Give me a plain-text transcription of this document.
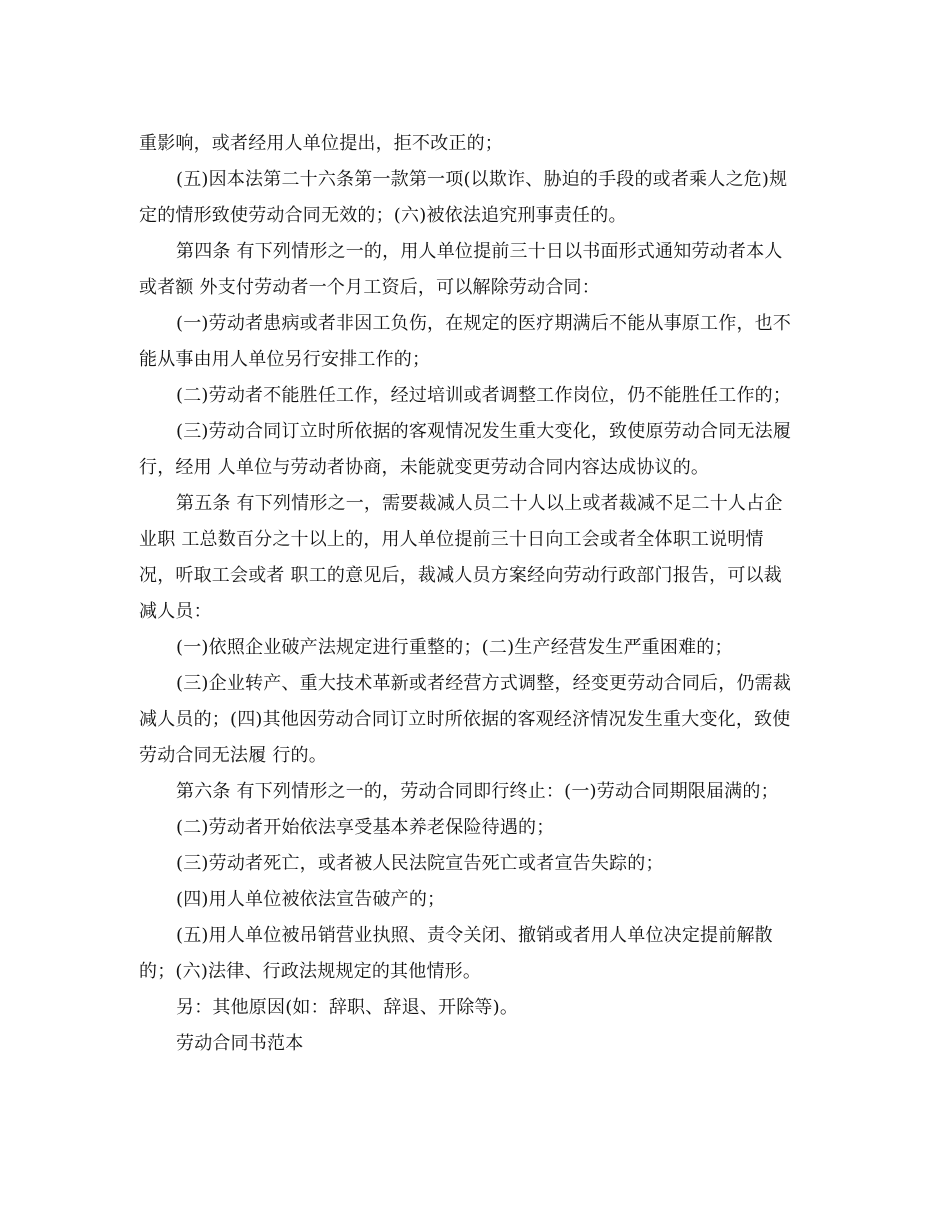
重影响，或者经用人单位提出，拒不改正的；
(五)因本法第二十六条第一款第一项(以欺诈、胁迫的手段的或者乘人之危)规
定的情形致使劳动合同无效的；(六)被依法追究刑事责任的。
第四条 有下列情形之一的，用人单位提前三十日以书面形式通知劳动者本人
或者额 外支付劳动者一个月工资后，可以解除劳动合同：
(一)劳动者患病或者非因工负伤，在规定的医疗期满后不能从事原工作，也不
能从事由用人单位另行安排工作的；
(二)劳动者不能胜任工作，经过培训或者调整工作岗位，仍不能胜任工作的；
(三)劳动合同订立时所依据的客观情况发生重大变化，致使原劳动合同无法履
行，经用 人单位与劳动者协商，未能就变更劳动合同内容达成协议的。
第五条 有下列情形之一，需要裁减人员二十人以上或者裁减不足二十人占企
业职 工总数百分之十以上的，用人单位提前三十日向工会或者全体职工说明情
况，听取工会或者 职工的意见后，裁减人员方案经向劳动行政部门报告，可以裁
减人员：
(一)依照企业破产法规定进行重整的；(二)生产经营发生严重困难的；
(三)企业转产、重大技术革新或者经营方式调整，经变更劳动合同后，仍需裁
减人员的；(四)其他因劳动合同订立时所依据的客观经济情况发生重大变化，致使
劳动合同无法履 行的。
第六条 有下列情形之一的，劳动合同即行终止：(一)劳动合同期限届满的；
(二)劳动者开始依法享受基本养老保险待遇的；
(三)劳动者死亡，或者被人民法院宣告死亡或者宣告失踪的；
(四)用人单位被依法宣告破产的；
(五)用人单位被吊销营业执照、责令关闭、撤销或者用人单位决定提前解散
的；(六)法律、行政法规规定的其他情形。
另：其他原因(如：辞职、辞退、开除等)。
劳动合同书范本
